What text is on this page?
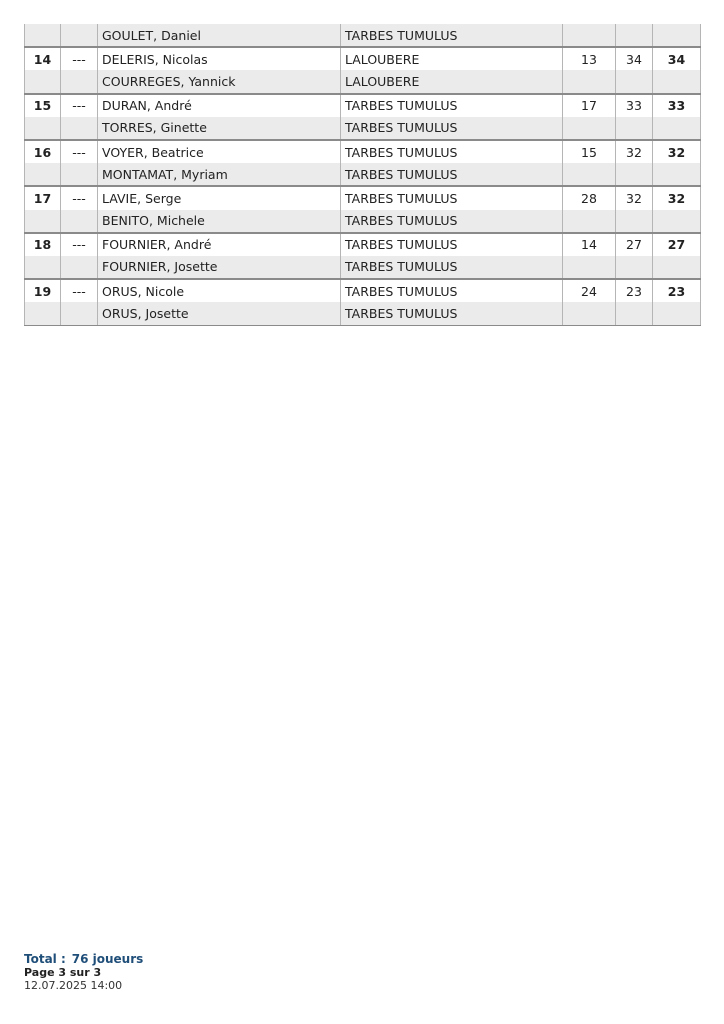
		GOULET, Daniel	TARBES TUMULUS			
14	---	DELERIS, Nicolas	LALOUBERE	13	34	34
		COURREGES, Yannick	LALOUBERE			
15	---	DURAN, André	TARBES TUMULUS	17	33	33
		TORRES, Ginette	TARBES TUMULUS			
16	---	VOYER, Beatrice	TARBES TUMULUS	15	32	32
		MONTAMAT, Myriam	TARBES TUMULUS			
17	---	LAVIE, Serge	TARBES TUMULUS	28	32	32
		BENITO, Michele	TARBES TUMULUS			
18	---	FOURNIER, André	TARBES TUMULUS	14	27	27
		FOURNIER, Josette	TARBES TUMULUS			
19	---	ORUS, Nicole	TARBES TUMULUS	24	23	23
		ORUS, Josette	TARBES TUMULUS			
Total : 76 joueurs
Page 3 sur 3
12.07.2025 14:00
